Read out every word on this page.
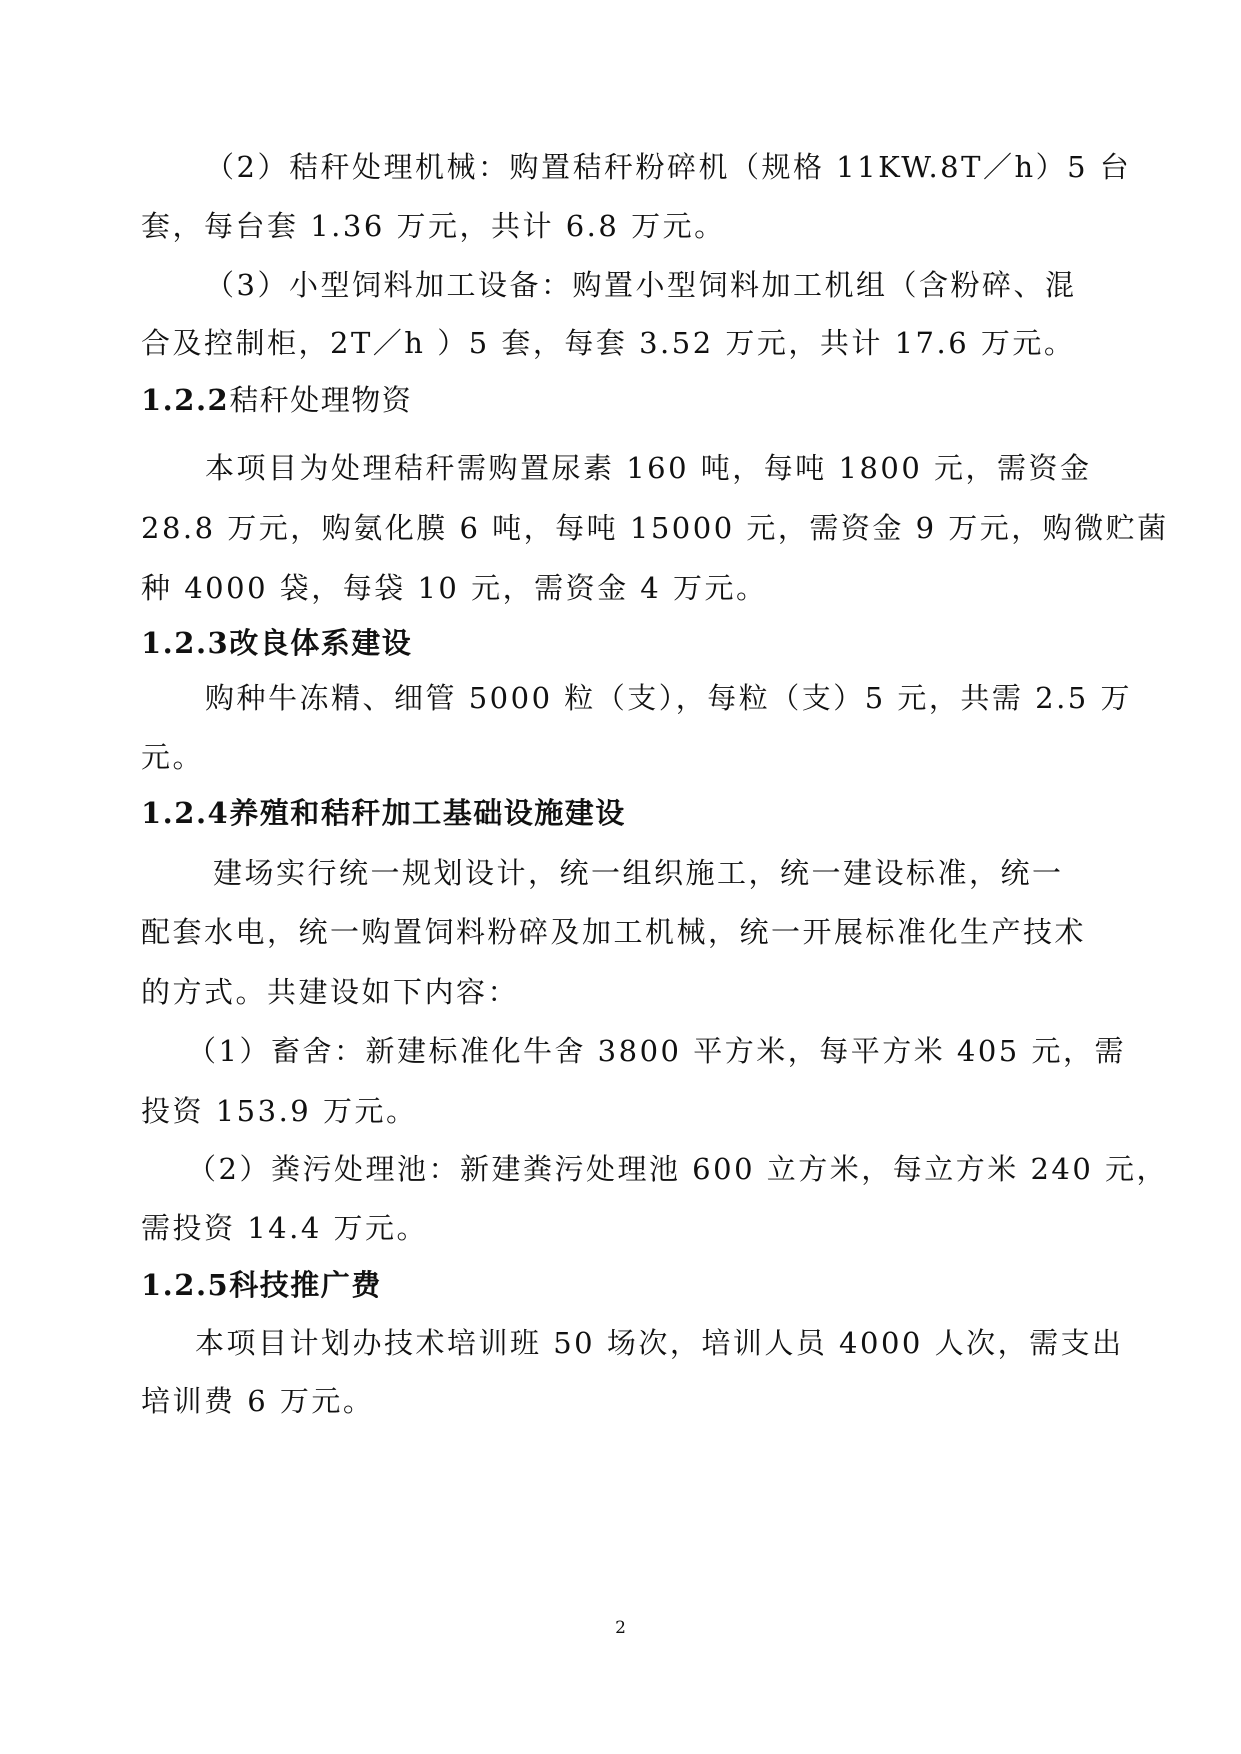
（2）秸秆处理机械：购置秸秆粉碎机（规格 11KW.8T／h）5 台

套，每台套 1.36 万元，共计 6.8 万元。

（3）小型饲料加工设备：购置小型饲料加工机组（含粉碎、混

合及控制柜，2T／h ）5 套，每套 3.52 万元，共计 17.6 万元。

1.2.2秸秆处理物资

本项目为处理秸秆需购置尿素 160 吨，每吨 1800 元，需资金

28.8 万元，购氨化膜 6 吨，每吨 15000 元，需资金 9 万元，购微贮菌

种 4000 袋，每袋 10 元，需资金 4 万元。

1.2.3改良体系建设

购种牛冻精、细管 5000 粒（支），每粒（支）5 元，共需 2.5 万

元。

1.2.4养殖和秸秆加工基础设施建设

建场实行统一规划设计，统一组织施工，统一建设标准，统一

配套水电，统一购置饲料粉碎及加工机械，统一开展标准化生产技术

的方式。共建设如下内容：

（1）畜舍：新建标准化牛舍 3800 平方米，每平方米 405 元，需

投资 153.9 万元。

（2）粪污处理池：新建粪污处理池 600 立方米，每立方米 240 元，

需投资 14.4 万元。

1.2.5科技推广费

本项目计划办技术培训班 50 场次，培训人员 4000 人次，需支出

培训费 6 万元。

2
